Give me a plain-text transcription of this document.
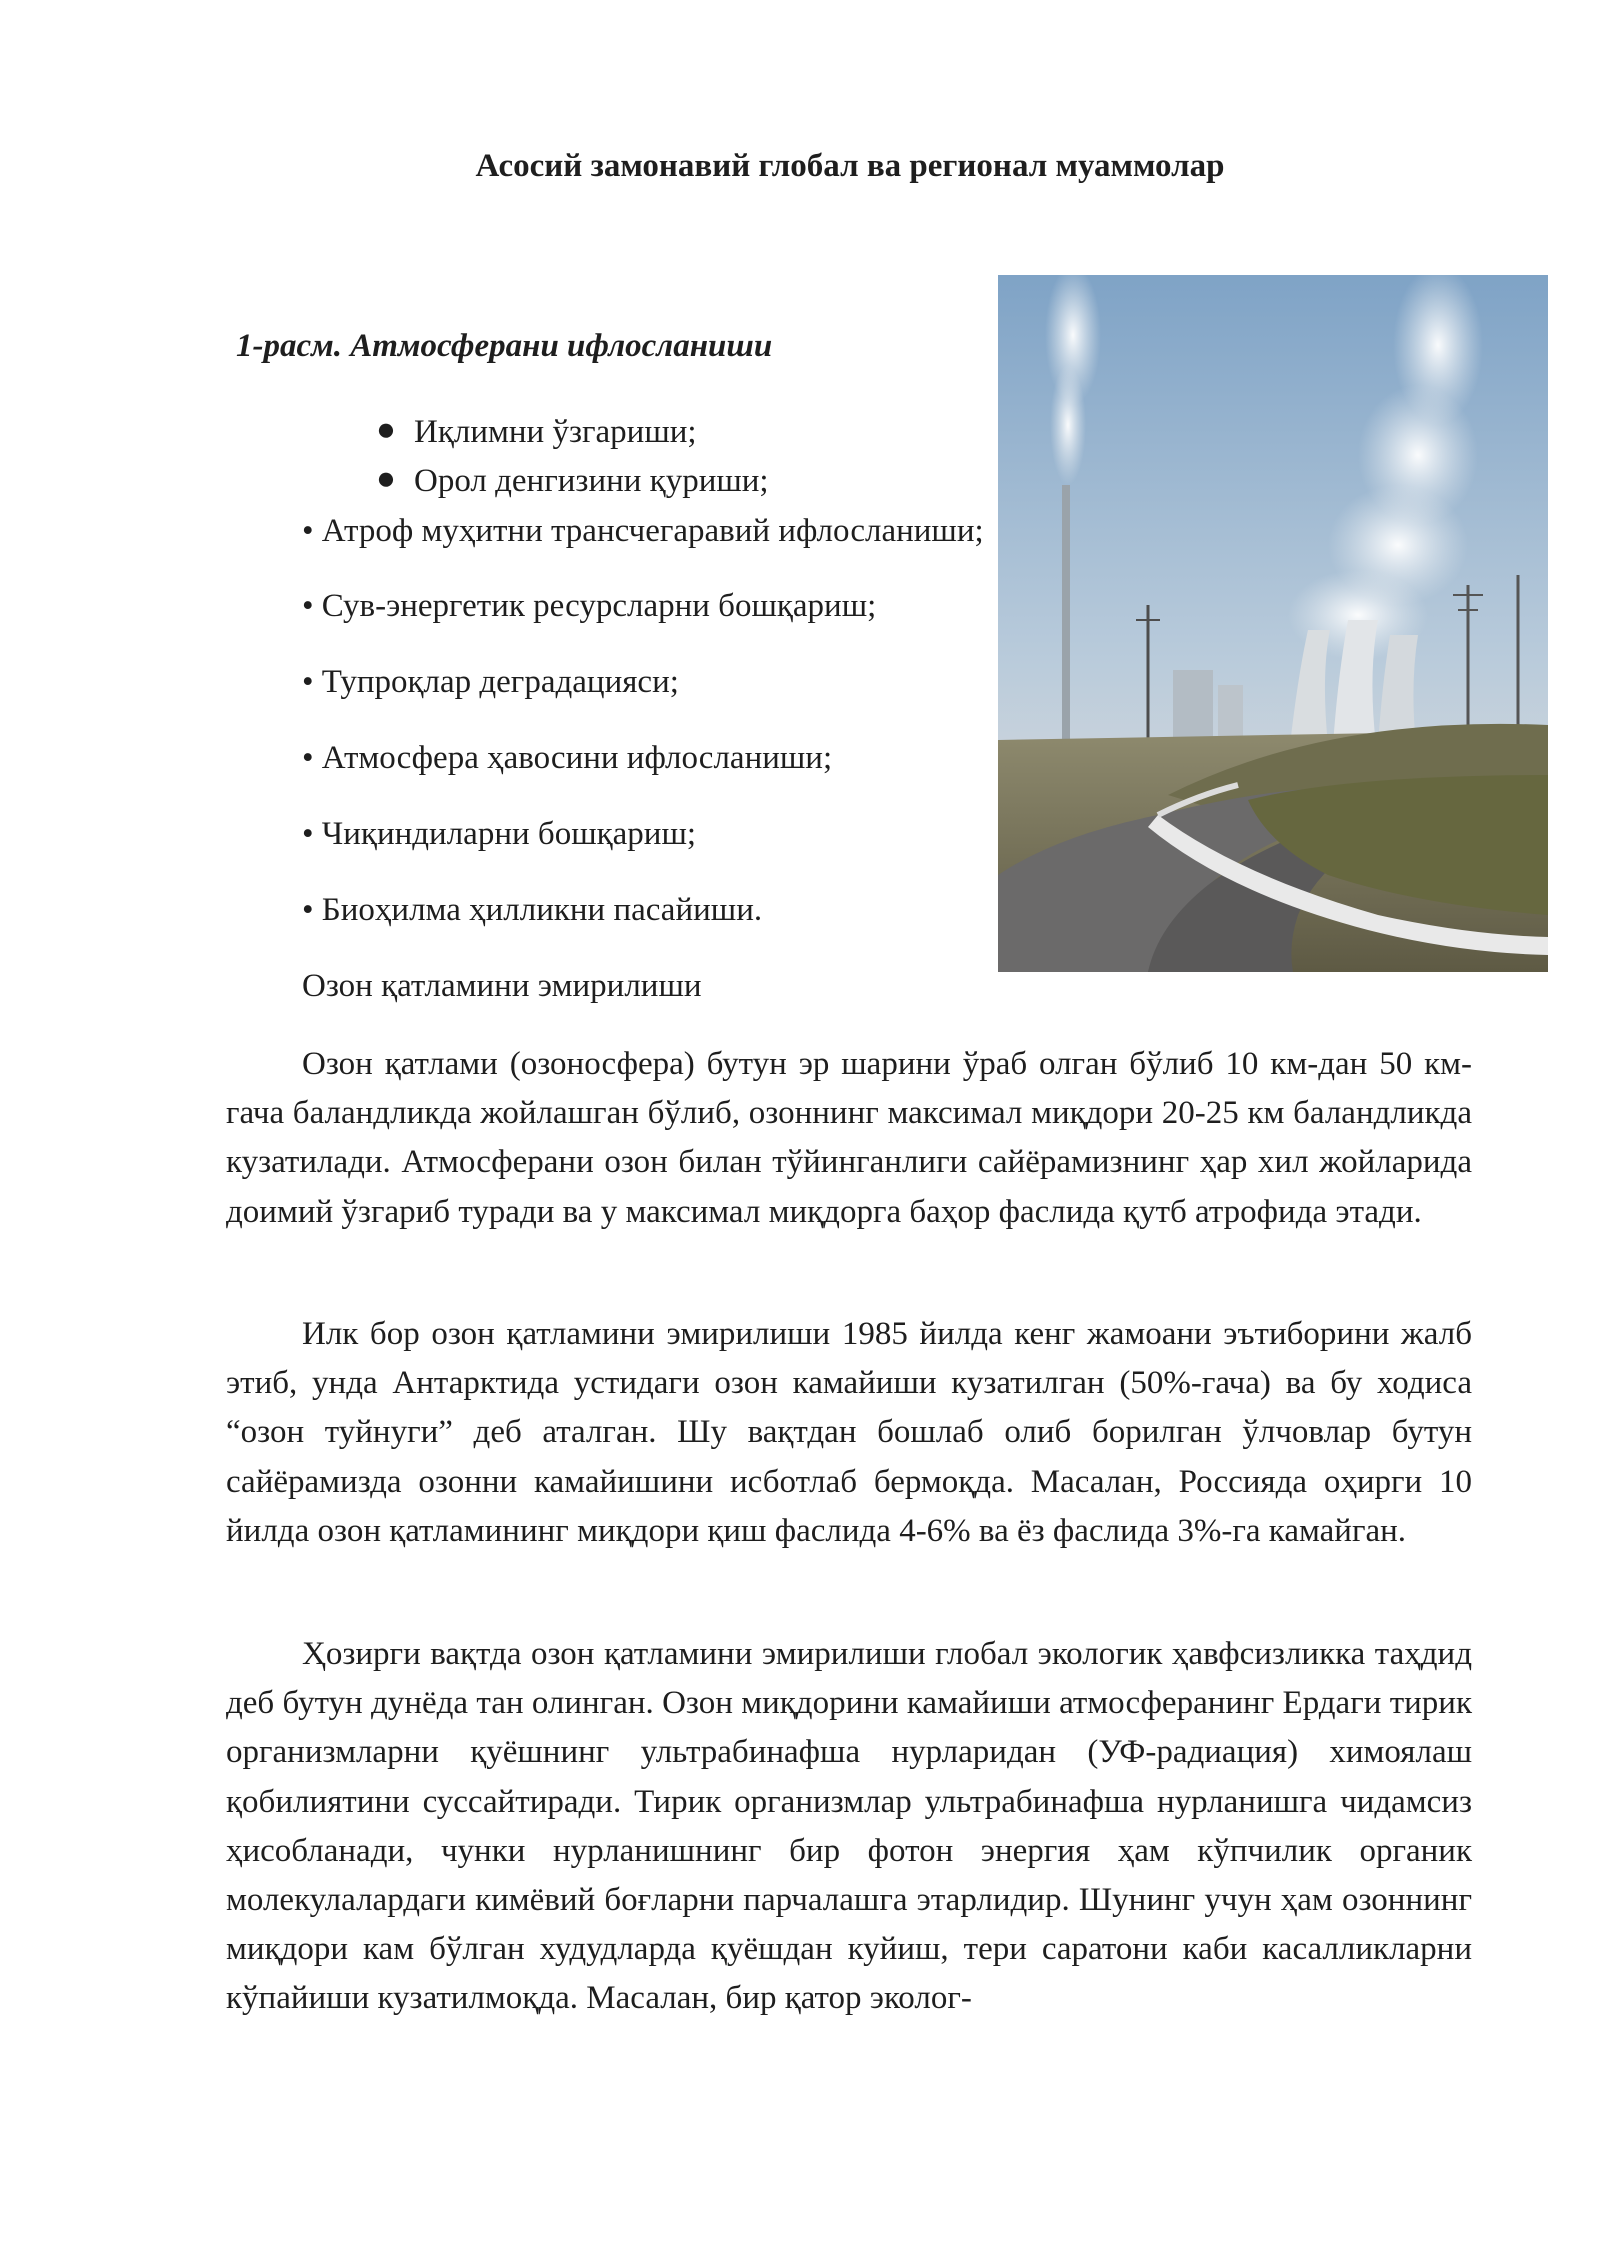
Асосий замонавий глобал ва регионал муаммолар
1-расм. Атмосферани ифлосланиши
● Иқлимни ўзгариши;
● Орол денгизини қуриши;
• Атроф муҳитни трансчегаравий ифлосланиши;
• Сув-энергетик ресурсларни бошқариш;
• Тупроқлар деградацияси;
• Атмосфера ҳавосини ифлосланиши;
• Чиқиндиларни бошқариш;
• Биоҳилма ҳилликни пасайиши.
Озон қатламини эмирилиши

Озон қатлами (озоносфера) бутун эр шарини ўраб олган бўлиб 10 км-дан 50 км-гача баландликда жойлашган бўлиб, озоннинг максимал миқдори 20-25 км баландликда кузатилади. Атмосферани озон билан тўйинганлиги сайёрамизнинг ҳар хил жойларида доимий ўзгариб туради ва у максимал миқдорга баҳор фаслида қутб атрофида этади.

Илк бор озон қатламини эмирилиши 1985 йилда кенг жамоани эътиборини жалб этиб, унда Антарктида устидаги озон камайиши кузатилган (50%-гача) ва бу ходиса “озон туйнуги” деб аталган. Шу вақтдан бошлаб олиб борилган ўлчовлар бутун сайёрамизда озонни камайишини исботлаб бермоқда. Масалан, Россияда оҳирги 10 йилда озон қатламининг миқдори қиш фаслида 4-6% ва ёз фаслида 3%-га камайган.

Ҳозирги вақтда озон қатламини эмирилиши глобал экологик ҳавфсизликка таҳдид деб бутун дунёда тан олинган. Озон миқдорини камайиши атмосферанинг Ердаги тирик организмларни қуёшнинг ультрабинафша нурларидан (УФ-радиация) химоялаш қобилиятини суссайтиради. Тирик организмлар ультрабинафша нурланишга чидамсиз ҳисобланади, чунки нурланишнинг бир фотон энергия ҳам кўпчилик органик молекулалардаги кимёвий боғларни парчалашга этарлидир. Шунинг учун ҳам озоннинг миқдори кам бўлган худудларда қуёшдан куйиш, тери саратони каби касалликларни кўпайиши кузатилмоқда. Масалан, бир қатор эколог-
